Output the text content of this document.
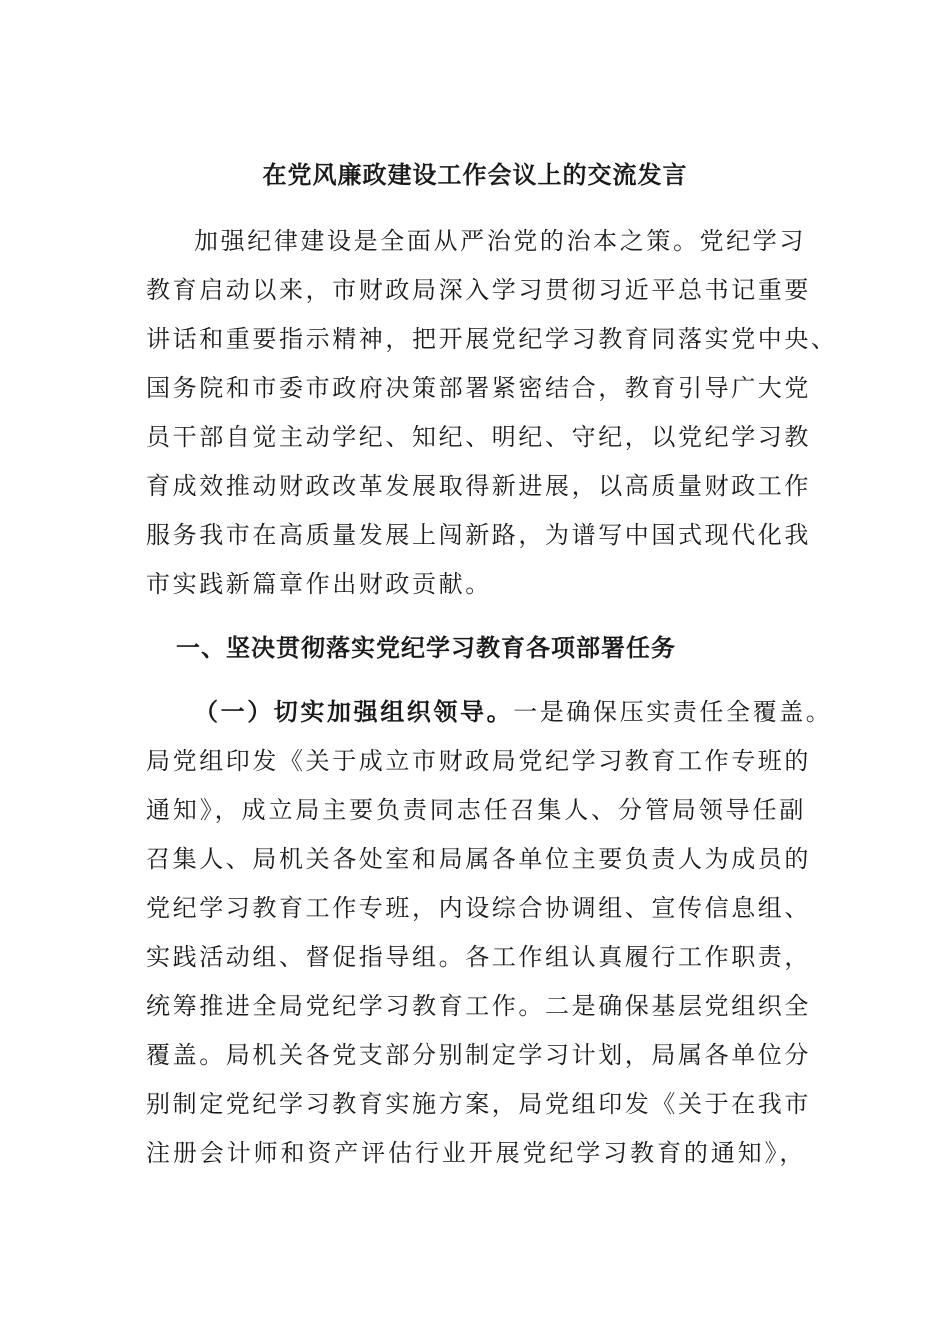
在党风廉政建设工作会议上的交流发言
加强纪律建设是全面从严治党的治本之策。党纪学习
教育启动以来，市财政局深入学习贯彻习近平总书记重要
讲话和重要指示精神，把开展党纪学习教育同落实党中央、
国务院和市委市政府决策部署紧密结合，教育引导广大党
员干部自觉主动学纪、知纪、明纪、守纪，以党纪学习教
育成效推动财政改革发展取得新进展，以高质量财政工作
服务我市在高质量发展上闯新路，为谱写中国式现代化我
市实践新篇章作出财政贡献。
一、坚决贯彻落实党纪学习教育各项部署任务
（一）切实加强组织领导。一是确保压实责任全覆盖。
局党组印发《关于成立市财政局党纪学习教育工作专班的
通知》，成立局主要负责同志任召集人、分管局领导任副
召集人、局机关各处室和局属各单位主要负责人为成员的
党纪学习教育工作专班，内设综合协调组、宣传信息组、
实践活动组、督促指导组。各工作组认真履行工作职责，
统筹推进全局党纪学习教育工作。二是确保基层党组织全
覆盖。局机关各党支部分别制定学习计划，局属各单位分
别制定党纪学习教育实施方案，局党组印发《关于在我市
注册会计师和资产评估行业开展党纪学习教育的通知》，
